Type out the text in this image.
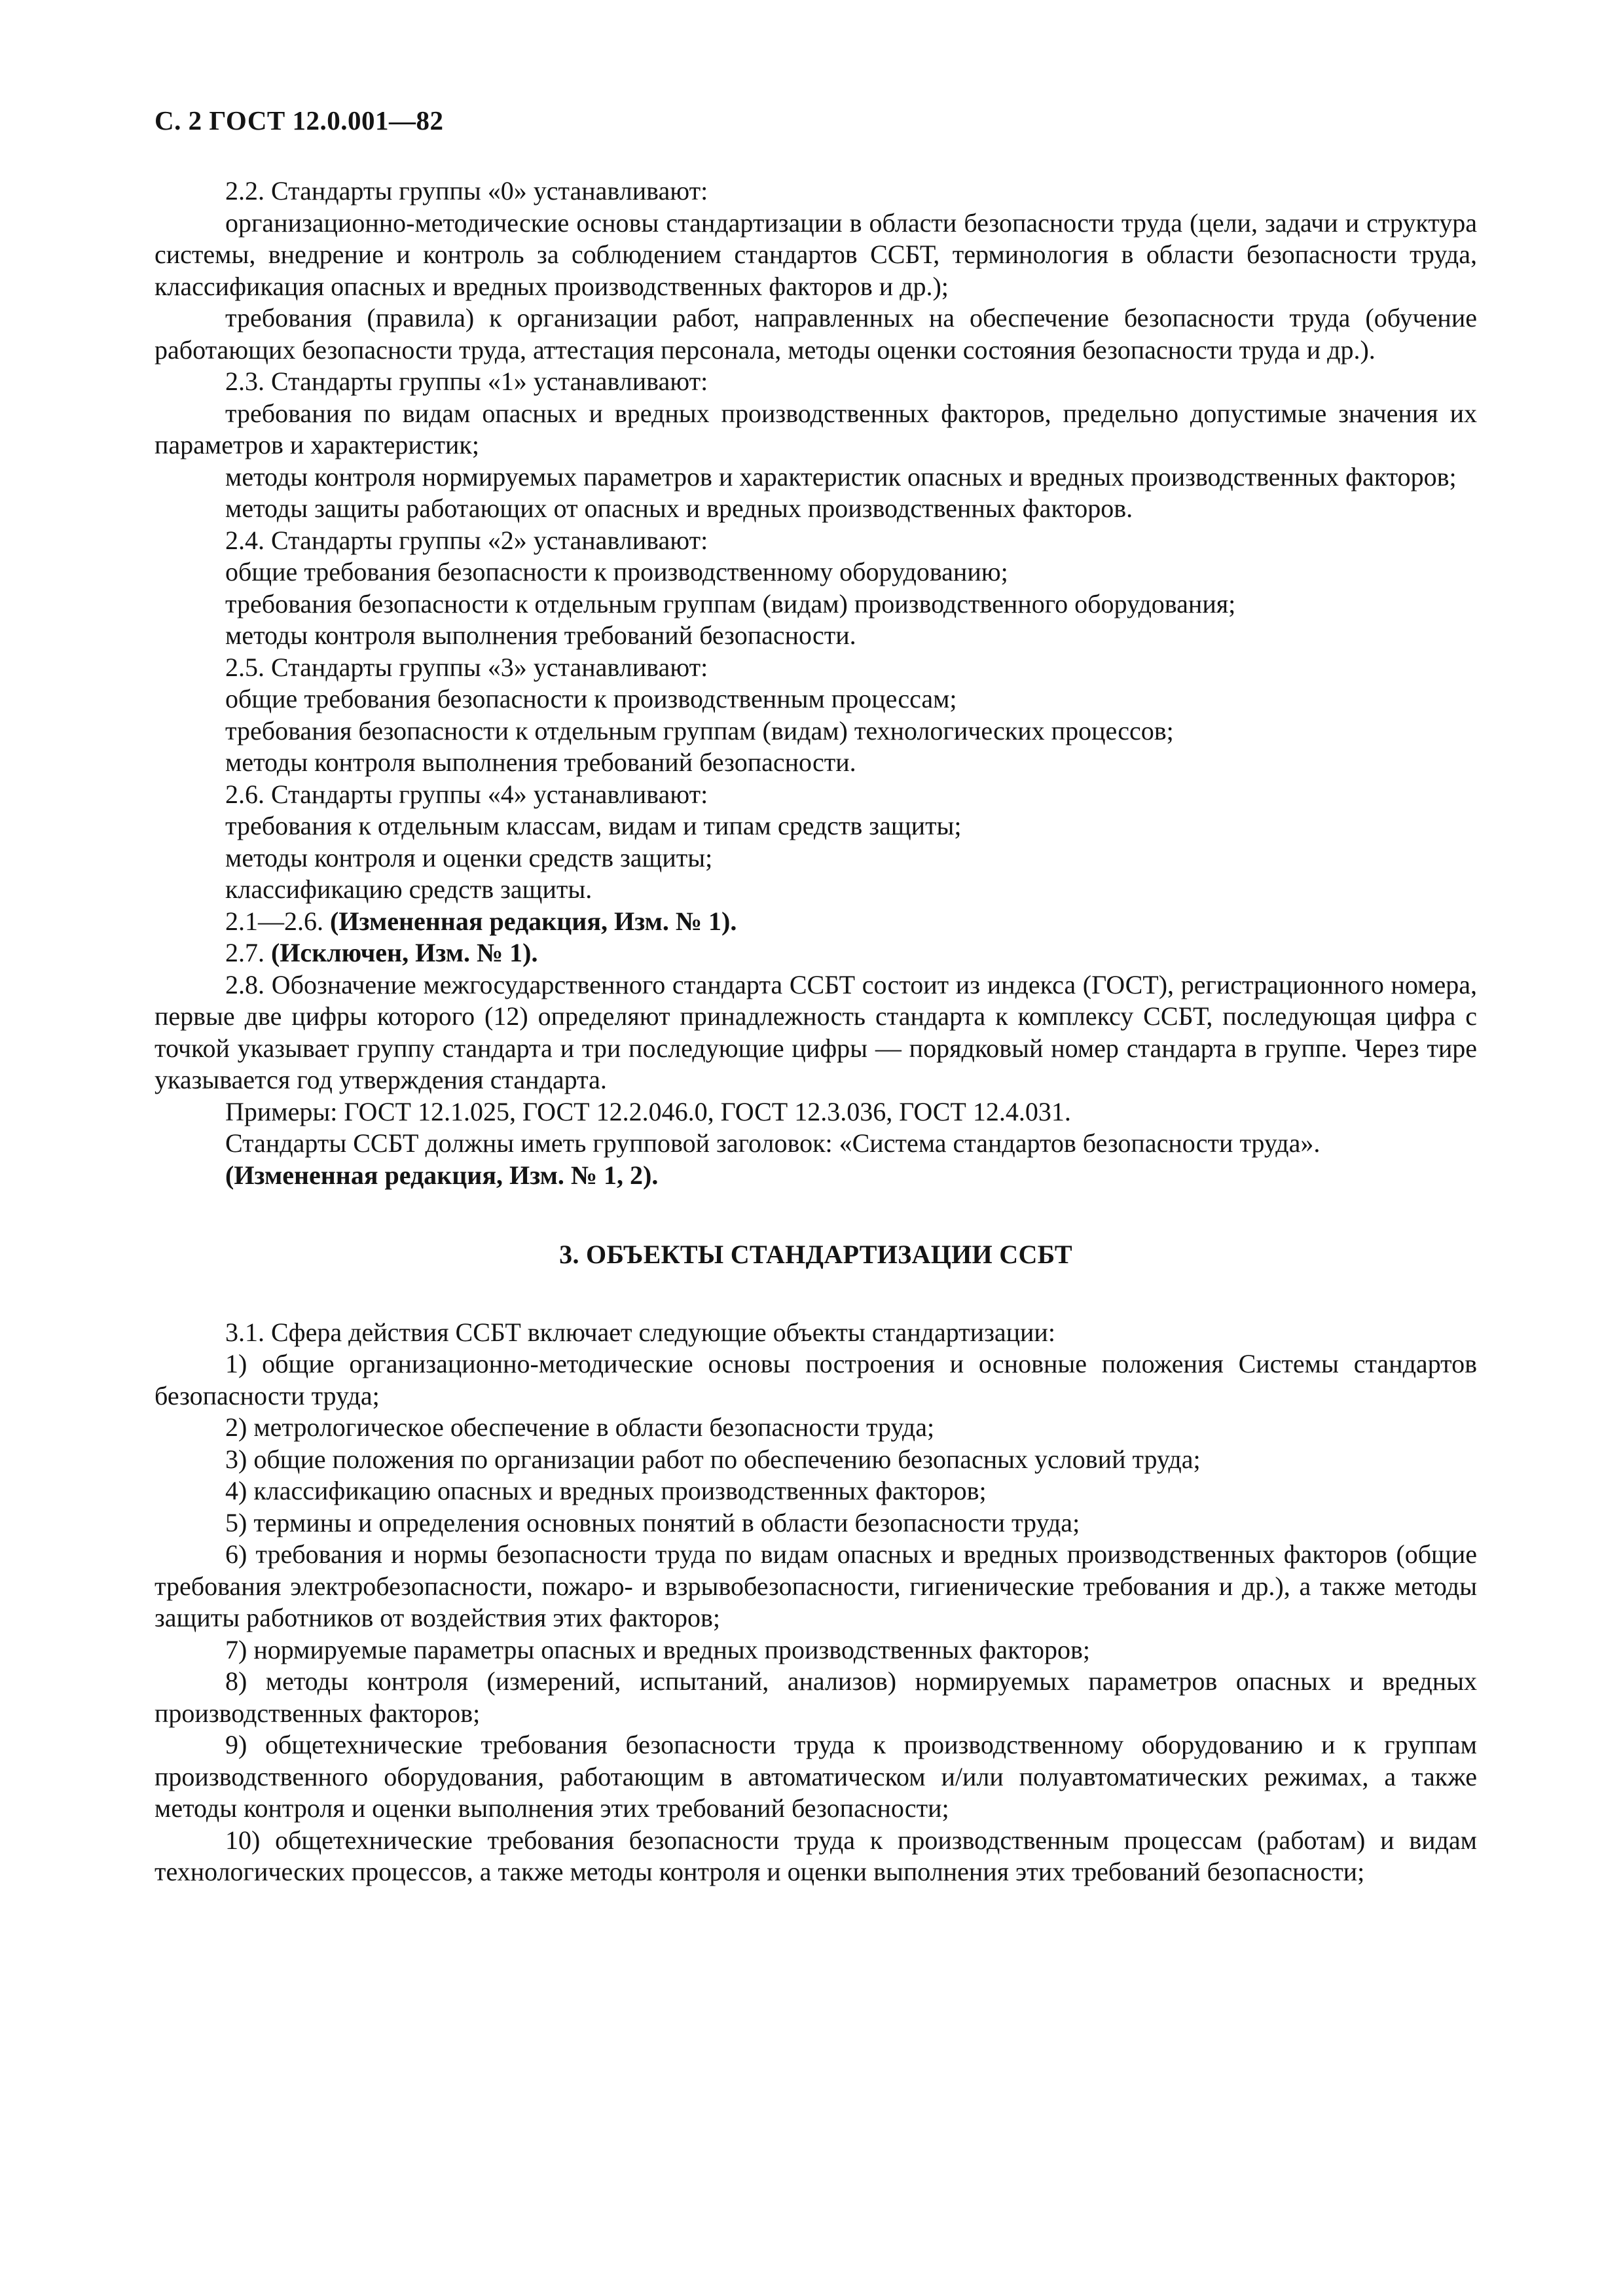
С. 2 ГОСТ 12.0.001—82

2.2. Стандарты группы «0» устанавливают:

организационно-методические основы стандартизации в области безопасности труда (цели, задачи и структура системы, внедрение и контроль за соблюдением стандартов ССБТ, терминология в области безопасности труда, классификация опасных и вредных производственных факторов и др.);

требования (правила) к организации работ, направленных на обеспечение безопасности труда (обучение работающих безопасности труда, аттестация персонала, методы оценки состояния безопасности труда и др.).

2.3. Стандарты группы «1» устанавливают:

требования по видам опасных и вредных производственных факторов, предельно допустимые значения их параметров и характеристик;

методы контроля нормируемых параметров и характеристик опасных и вредных производственных факторов;

методы защиты работающих от опасных и вредных производственных факторов.

2.4. Стандарты группы «2» устанавливают:

общие требования безопасности к производственному оборудованию;

требования безопасности к отдельным группам (видам) производственного оборудования;

методы контроля выполнения требований безопасности.

2.5. Стандарты группы «3» устанавливают:

общие требования безопасности к производственным процессам;

требования безопасности к отдельным группам (видам) технологических процессов;

методы контроля выполнения требований безопасности.

2.6. Стандарты группы «4» устанавливают:

требования к отдельным классам, видам и типам средств защиты;

методы контроля и оценки средств защиты;

классификацию средств защиты.

2.1—2.6. (Измененная редакция, Изм. № 1).

2.7. (Исключен, Изм. № 1).

2.8. Обозначение межгосударственного стандарта ССБТ состоит из индекса (ГОСТ), регистрационного номера, первые две цифры которого (12) определяют принадлежность стандарта к комплексу ССБТ, последующая цифра с точкой указывает группу стандарта и три последующие цифры — порядковый номер стандарта в группе. Через тире указывается год утверждения стандарта.

Примеры: ГОСТ 12.1.025, ГОСТ 12.2.046.0, ГОСТ 12.3.036, ГОСТ 12.4.031.

Стандарты ССБТ должны иметь групповой заголовок: «Система стандартов безопасности труда».

(Измененная редакция, Изм. № 1, 2).

3. ОБЪЕКТЫ СТАНДАРТИЗАЦИИ ССБТ

3.1. Сфера действия ССБТ включает следующие объекты стандартизации:

1) общие организационно-методические основы построения и основные положения Системы стандартов безопасности труда;

2) метрологическое обеспечение в области безопасности труда;

3) общие положения по организации работ по обеспечению безопасных условий труда;

4) классификацию опасных и вредных производственных факторов;

5) термины и определения основных понятий в области безопасности труда;

6) требования и нормы безопасности труда по видам опасных и вредных производственных факторов (общие требования электробезопасности, пожаро- и взрывобезопасности, гигиенические требования и др.), а также методы защиты работников от воздействия этих факторов;

7) нормируемые параметры опасных и вредных производственных факторов;

8) методы контроля (измерений, испытаний, анализов) нормируемых параметров опасных и вредных производственных факторов;

9) общетехнические требования безопасности труда к производственному оборудованию и к группам производственного оборудования, работающим в автоматическом и/или полуавтоматических режимах, а также методы контроля и оценки выполнения этих требований безопасности;

10) общетехнические требования безопасности труда к производственным процессам (работам) и видам технологических процессов, а также методы контроля и оценки выполнения этих требований безопасности;
